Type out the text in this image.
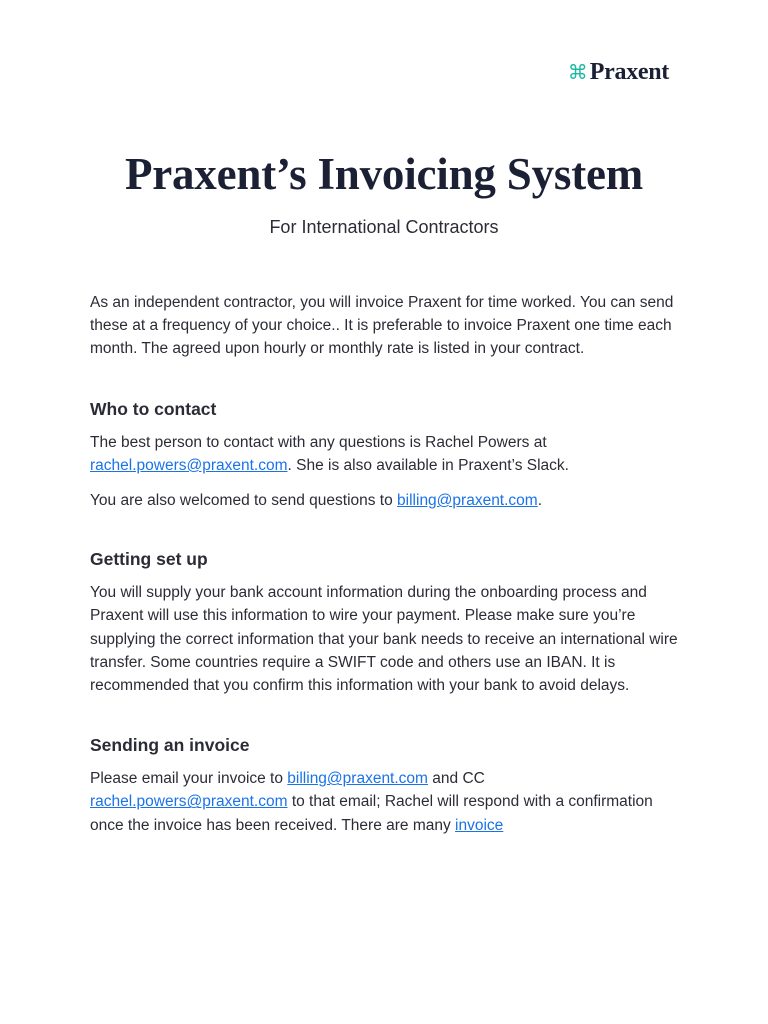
⌘ Praxent
Praxent’s Invoicing System
For International Contractors

As an independent contractor, you will invoice Praxent for time worked. You can send these at a frequency of your choice.. It is preferable to invoice Praxent one time each month. The agreed upon hourly or monthly rate is listed in your contract.

Who to contact

The best person to contact with any questions is Rachel Powers at rachel.powers@praxent.com. She is also available in Praxent’s Slack.

You are also welcomed to send questions to billing@praxent.com.

Getting set up

You will supply your bank account information during the onboarding process and Praxent will use this information to wire your payment. Please make sure you’re supplying the correct information that your bank needs to receive an international wire transfer. Some countries require a SWIFT code and others use an IBAN. It is recommended that you confirm this information with your bank to avoid delays.

Sending an invoice

Please email your invoice to billing@praxent.com and CC rachel.powers@praxent.com to that email; Rachel will respond with a confirmation once the invoice has been received. There are many invoice
